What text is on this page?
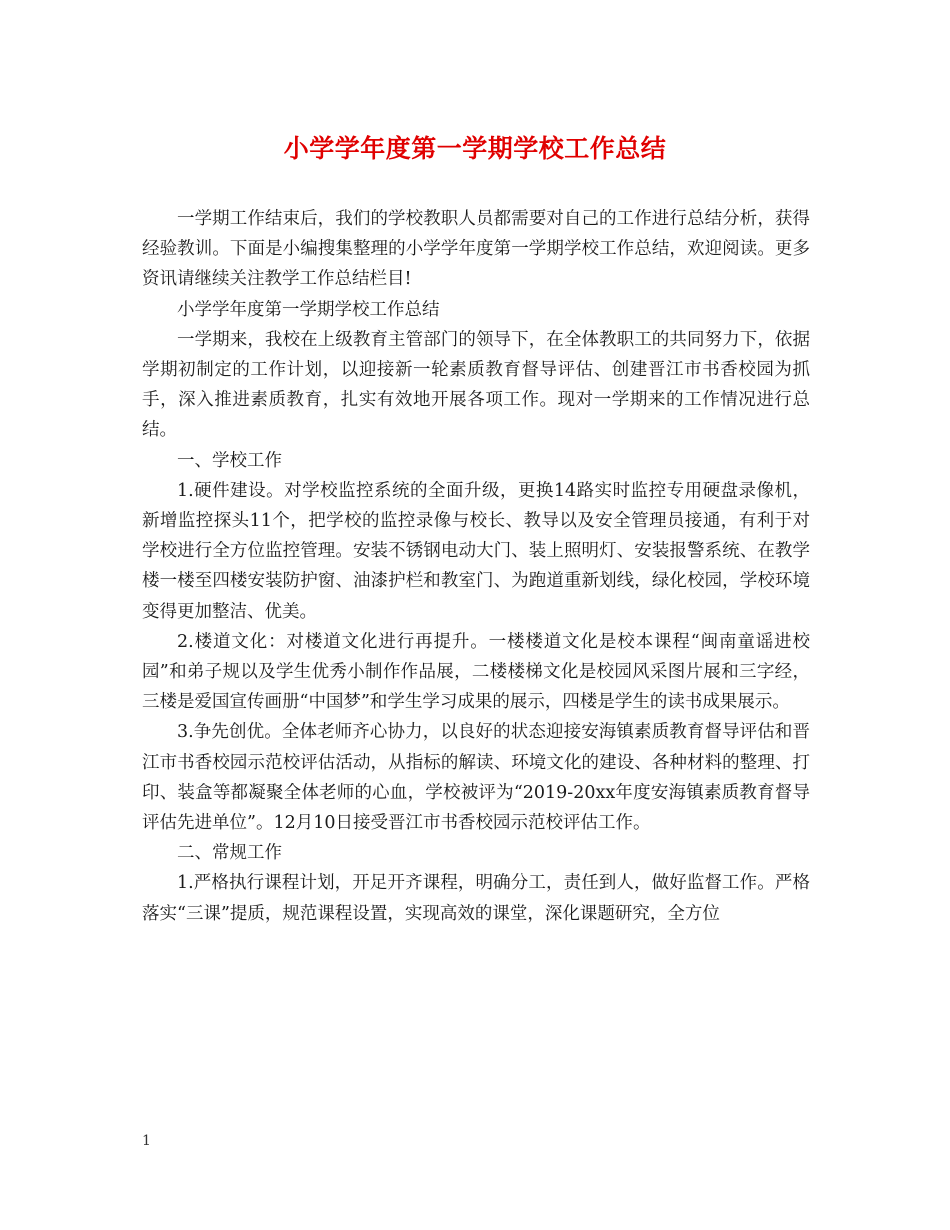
小学学年度第一学期学校工作总结

一学期工作结束后，我们的学校教职人员都需要对自己的工作进行总结分析，获得经验教训。下面是小编搜集整理的小学学年度第一学期学校工作总结，欢迎阅读。更多资讯请继续关注教学工作总结栏目!

小学学年度第一学期学校工作总结

一学期来，我校在上级教育主管部门的领导下，在全体教职工的共同努力下，依据学期初制定的工作计划，以迎接新一轮素质教育督导评估、创建晋江市书香校园为抓手，深入推进素质教育，扎实有效地开展各项工作。现对一学期来的工作情况进行总结。

一、学校工作

1.硬件建设。对学校监控系统的全面升级，更换14路实时监控专用硬盘录像机，新增监控探头11个，把学校的监控录像与校长、教导以及安全管理员接通，有利于对学校进行全方位监控管理。安装不锈钢电动大门、装上照明灯、安装报警系统、在教学楼一楼至四楼安装防护窗、油漆护栏和教室门、为跑道重新划线，绿化校园，学校环境变得更加整洁、优美。

2.楼道文化：对楼道文化进行再提升。一楼楼道文化是校本课程“闽南童谣进校园”和弟子规以及学生优秀小制作作品展，二楼楼梯文化是校园风采图片展和三字经，三楼是爱国宣传画册“中国梦”和学生学习成果的展示，四楼是学生的读书成果展示。

3.争先创优。全体老师齐心协力，以良好的状态迎接安海镇素质教育督导评估和晋江市书香校园示范校评估活动，从指标的解读、环境文化的建设、各种材料的整理、打印、装盒等都凝聚全体老师的心血，学校被评为“2019-20xx年度安海镇素质教育督导评估先进单位”。12月10日接受晋江市书香校园示范校评估工作。

二、常规工作

1.严格执行课程计划，开足开齐课程，明确分工，责任到人，做好监督工作。严格落实“三课”提质，规范课程设置，实现高效的课堂，深化课题研究，全方位

1
